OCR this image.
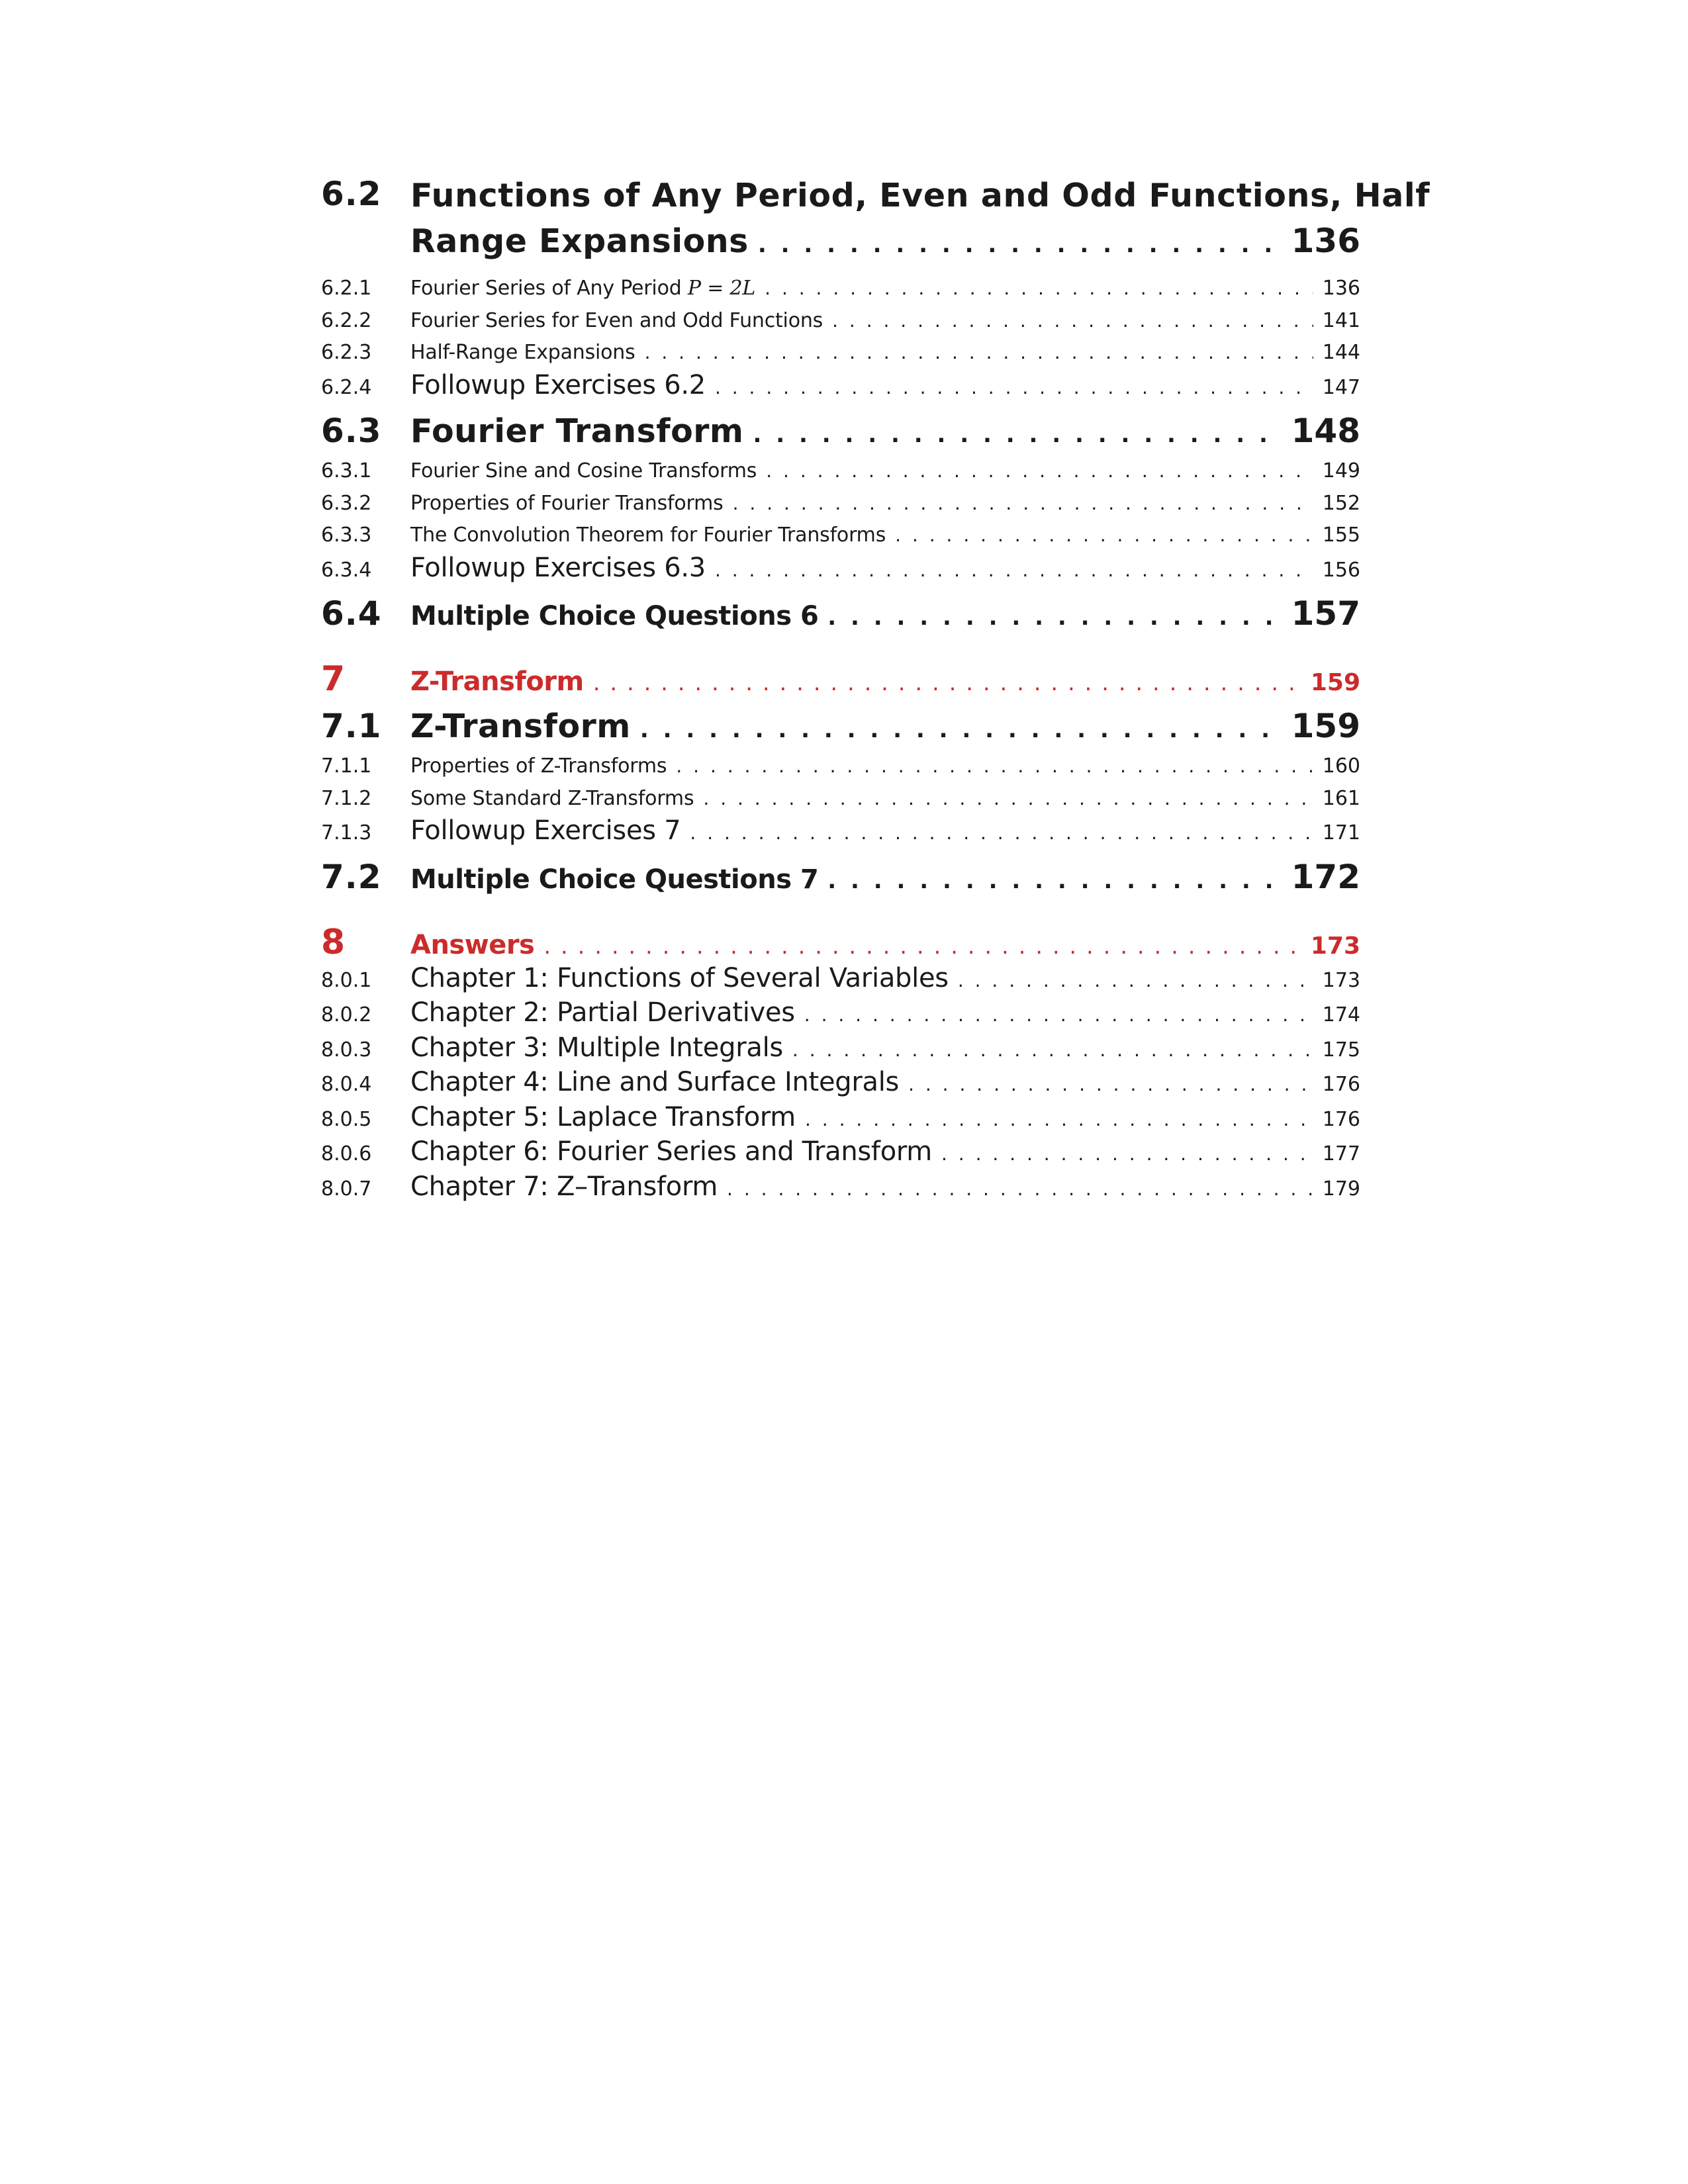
6.2 Functions of Any Period, Even and Odd Functions, Half
Range Expansions . . .	136
6.2.1	Fourier Series of Any Period P = 2L . . .	136
6.2.2	Fourier Series for Even and Odd Functions . . .	141
6.2.3	Half-Range Expansions . . .	144
6.2.4	Followup Exercises 6.2 . . .	147
6.3 Fourier Transform . . .	148
6.3.1	Fourier Sine and Cosine Transforms . . .	149
6.3.2	Properties of Fourier Transforms . . .	152
6.3.3	The Convolution Theorem for Fourier Transforms . . .	155
6.3.4	Followup Exercises 6.3 . . .	156
6.4	Multiple Choice Questions 6 . . .	157
7	Z-Transform . . .	159
7.1 Z-Transform . . .	159
7.1.1	Properties of Z-Transforms . . .	160
7.1.2	Some Standard Z-Transforms . . .	161
7.1.3	Followup Exercises 7 . . .	171
7.2	Multiple Choice Questions 7 . . .	172
8	Answers . . .	173
8.0.1	Chapter 1: Functions of Several Variables . . .	173
8.0.2	Chapter 2: Partial Derivatives . . .	174
8.0.3	Chapter 3: Multiple Integrals . . .	175
8.0.4	Chapter 4: Line and Surface Integrals . . .	176
8.0.5	Chapter 5: Laplace Transform . . .	176
8.0.6	Chapter 6: Fourier Series and Transform . . .	177
8.0.7	Chapter 7: Z–Transform . . .	179
